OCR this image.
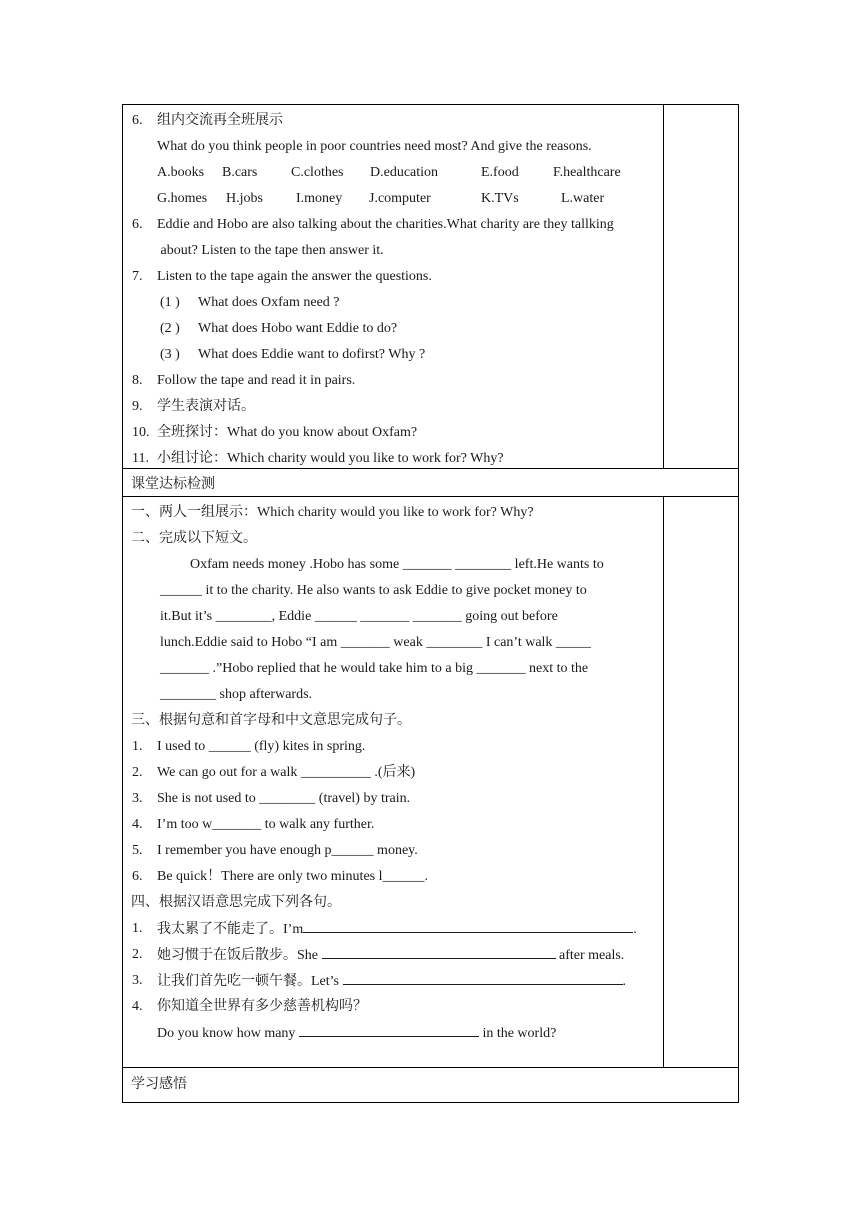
6. 组内交流再全班展示
What do you think people in poor countries need most? And give the reasons.
A.books B.cars C.clothes D.education	E.food F.healthcare
G.homes H.jobs I.money J.computer	K.TVs	L.water
6. Eddie and Hobo are also talking about the charities.What charity are they tallking
about? Listen to the tape then answer it.
7. Listen to the tape again the answer the questions.
(1 ) What does Oxfam need ?
(2 ) What does Hobo want Eddie to do?
(3 ) What does Eddie want to dofirst? Why ?
8. Follow the tape and read it in pairs.
9. 学生表演对话。
10. 全班探讨：What do you know about Oxfam?
11. 小组讨论：Which charity would you like to work for? Why?
课堂达标检测
一、两人一组展示：Which charity would you like to work for? Why?
二、完成以下短文。
Oxfam needs money .Hobo has some _______ ________ left.He wants to
______ it to the charity. He also wants to ask Eddie to give pocket money to
it.But it’s ________, Eddie ______ _______ _______ going out before
lunch.Eddie said to Hobo “I am _______ weak ________ I can’t walk _____
_______ .”Hobo replied that he would take him to a big _______ next to the
________ shop afterwards.
三、根据句意和首字母和中文意思完成句子。
1. I used to ______ (fly) kites in spring.
2. We can go out for a walk __________ .(后来)
3. She is not used to ________ (travel) by train.
4. I’m too w_______ to walk any further.
5. I remember you have enough p______ money.
6. Be quick！There are only two minutes l______.
四、根据汉语意思完成下列各句。
1. 我太累了不能走了。I’m	.
2. 她习惯于在饭后散步。She	after meals.
3. 让我们首先吃一顿午餐。Let’s	.
4. 你知道全世界有多少慈善机构吗？
Do you know how many	in the world?
学习感悟
